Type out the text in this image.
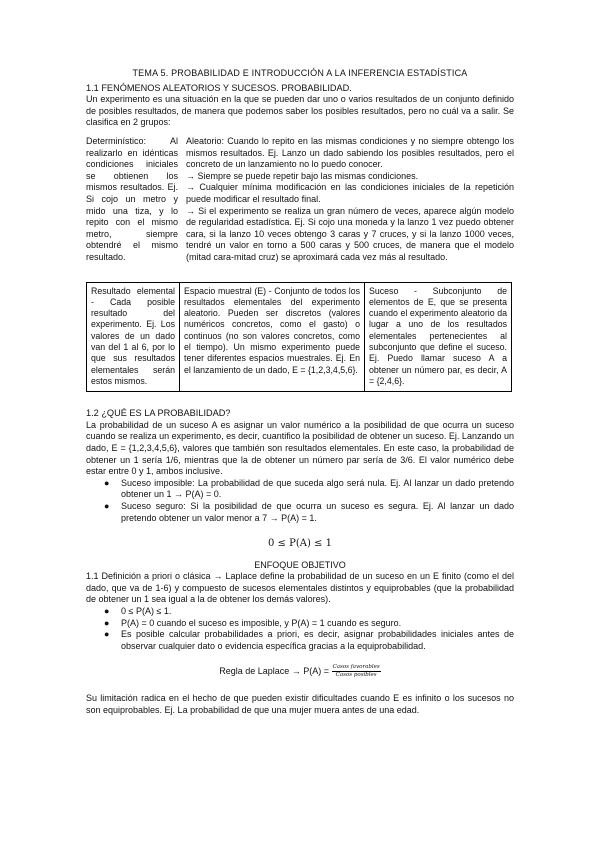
TEMA 5. PROBABILIDAD E INTRODUCCIÓN A LA INFERENCIA ESTADÍSTICA
1.1 FENÓMENOS ALEATORIOS Y SUCESOS. PROBABILIDAD.

Un experimento es una situación en la que se pueden dar uno o varios resultados de un conjunto definido de posibles resultados, de manera que podemos saber los posibles resultados, pero no cuál va a salir. Se clasifica en 2 grupos:

Determinístico: Al realizarlo en idénticas condiciones iniciales se obtienen los mismos resultados. Ej. Si cojo un metro y mido una tiza, y lo repito con el mismo metro, siempre obtendré el mismo resultado.

Aleatorio: Cuando lo repito en las mismas condiciones y no siempre obtengo los mismos resultados. Ej. Lanzo un dado sabiendo los posibles resultados, pero el concreto de un lanzamiento no lo puedo conocer.

→ Siempre se puede repetir bajo las mismas condiciones.

→ Cualquier mínima modificación en las condiciones iniciales de la repetición puede modificar el resultado final.

→ Si el experimento se realiza un gran número de veces, aparece algún modelo de regularidad estadística. Ej. Si cojo una moneda y la lanzo 1 vez puedo obtener cara, si la lanzo 10 veces obtengo 3 caras y 7 cruces, y si la lanzo 1000 veces, tendré un valor en torno a 500 caras y 500 cruces, de manera que el modelo (mitad cara-mitad cruz) se aproximará cada vez más al resultado.

Resultado elemental - Cada posible resultado del experimento. Ej. Los valores de un dado van del 1 al 6, por lo que sus resultados elementales serán estos mismos.	Espacio muestral (E) - Conjunto de todos los resultados elementales del experimento aleatorio. Pueden ser discretos (valores numéricos concretos, como el gasto) o continuos (no son valores concretos, como el tiempo). Un mismo experimento puede tener diferentes espacios muestrales. Ej. En el lanzamiento de un dado, E = {1,2,3,4,5,6}.	Suceso - Subconjunto de elementos de E, que se presenta cuando el experimento aleatorio da lugar a uno de los resultados elementales pertenecientes al subconjunto que define el suceso. Ej. Puedo llamar suceso A a obtener un número par, es decir, A = {2,4,6}.
1.2 ¿QUÉ ES LA PROBABILIDAD?

La probabilidad de un suceso A es asignar un valor numérico a la posibilidad de que ocurra un suceso cuando se realiza un experimento, es decir, cuantifico la posibilidad de obtener un suceso. Ej. Lanzando un dado, E = {1,2,3,4,5,6}, valores que también son resultados elementales. En este caso, la probabilidad de obtener un 1 sería 1/6, mientras que la de obtener un número par sería de 3/6. El valor numérico debe estar entre 0 y 1, ambos inclusive.

● Suceso imposible: La probabilidad de que suceda algo será nula. Ej. Al lanzar un dado pretendo obtener un 1 → P(A) = 0.
● Suceso seguro: Si la posibilidad de que ocurra un suceso es segura. Ej. Al lanzar un dado pretendo obtener un valor menor a 7 → P(A) = 1.
0 ≤ P(A) ≤ 1
ENFOQUE OBJETIVO

1.1 Definición a priori o clásica → Laplace define la probabilidad de un suceso en un E finito (como el del dado, que va de 1-6) y compuesto de sucesos elementales distintos y equiprobables (que la probabilidad de obtener un 1 sea igual a la de obtener los demás valores).

● 0 ≤ P(A) ≤ 1.
● P(A) = 0 cuando el suceso es imposible, y P(A) = 1 cuando es seguro.
● Es posible calcular probabilidades a priori, es decir, asignar probabilidades iniciales antes de observar cualquier dato o evidencia específica gracias a la equiprobabilidad.
Regla de Laplace → $P(A) = \frac{\text{Casos favorables}}{\text{Casos posibles}}$

Su limitación radica en el hecho de que pueden existir dificultades cuando E es infinito o los sucesos no son equiprobables. Ej. La probabilidad de que una mujer muera antes de una edad.
